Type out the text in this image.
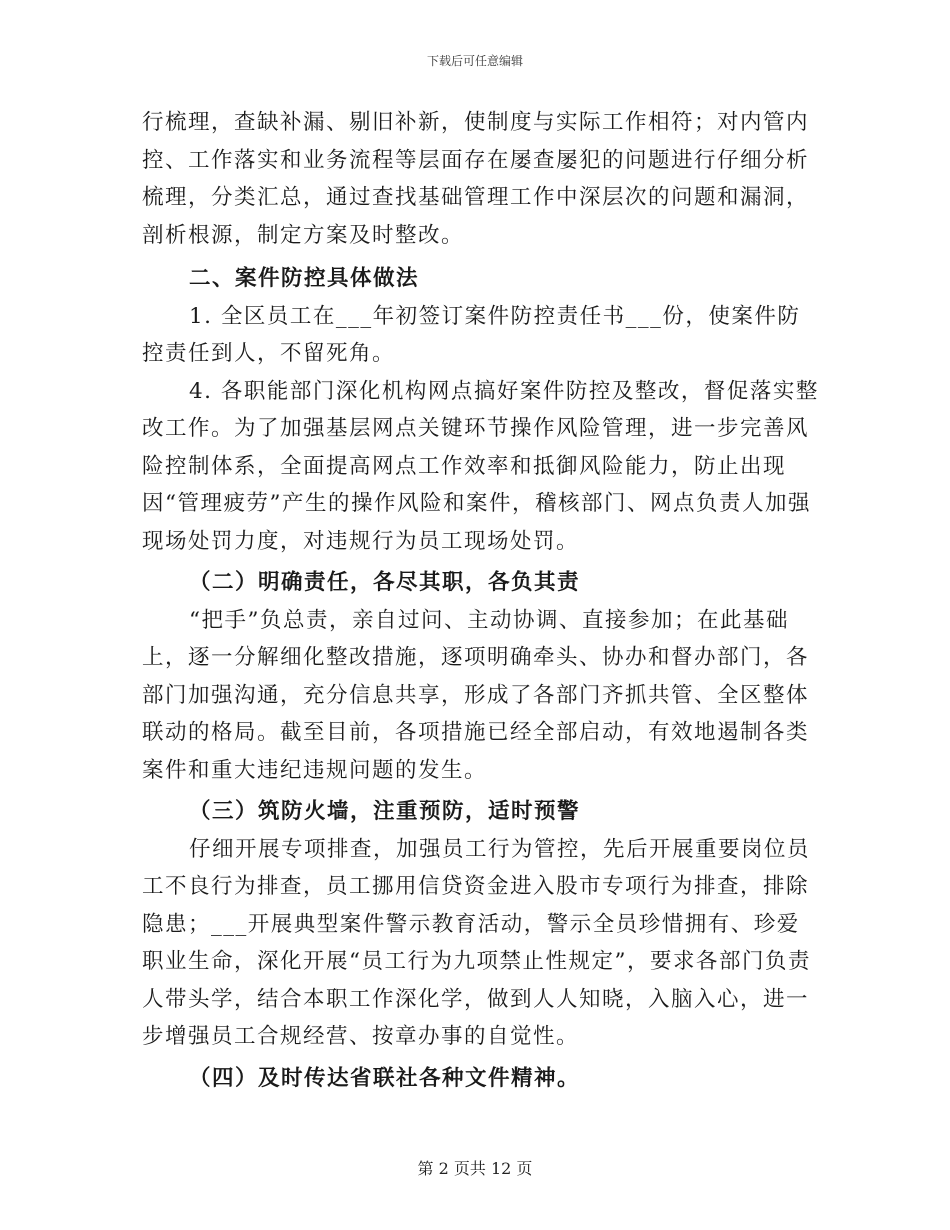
下载后可任意编辑

行梳理，查缺补漏、剔旧补新，使制度与实际工作相符；对内管内控、工作落实和业务流程等层面存在屡查屡犯的问题进行仔细分析梳理，分类汇总，通过查找基础管理工作中深层次的问题和漏洞，剖析根源，制定方案及时整改。

二、案件防控具体做法

1. 全区员工在___年初签订案件防控责任书___份，使案件防控责任到人，不留死角。

4. 各职能部门深化机构网点搞好案件防控及整改，督促落实整改工作。为了加强基层网点关键环节操作风险管理，进一步完善风险控制体系，全面提高网点工作效率和抵御风险能力，防止出现因“管理疲劳”产生的操作风险和案件，稽核部门、网点负责人加强现场处罚力度，对违规行为员工现场处罚。

（二）明确责任，各尽其职，各负其责

“把手”负总责，亲自过问、主动协调、直接参加；在此基础上，逐一分解细化整改措施，逐项明确牵头、协办和督办部门，各部门加强沟通，充分信息共享，形成了各部门齐抓共管、全区整体联动的格局。截至目前，各项措施已经全部启动，有效地遏制各类案件和重大违纪违规问题的发生。

（三）筑防火墙，注重预防，适时预警

仔细开展专项排查，加强员工行为管控，先后开展重要岗位员工不良行为排查，员工挪用信贷资金进入股市专项行为排查，排除隐患；___开展典型案件警示教育活动，警示全员珍惜拥有、珍爱职业生命，深化开展“员工行为九项禁止性规定”，要求各部门负责人带头学，结合本职工作深化学，做到人人知晓，入脑入心，进一步增强员工合规经营、按章办事的自觉性。

（四）及时传达省联社各种文件精神。

第 2 页共 12 页
